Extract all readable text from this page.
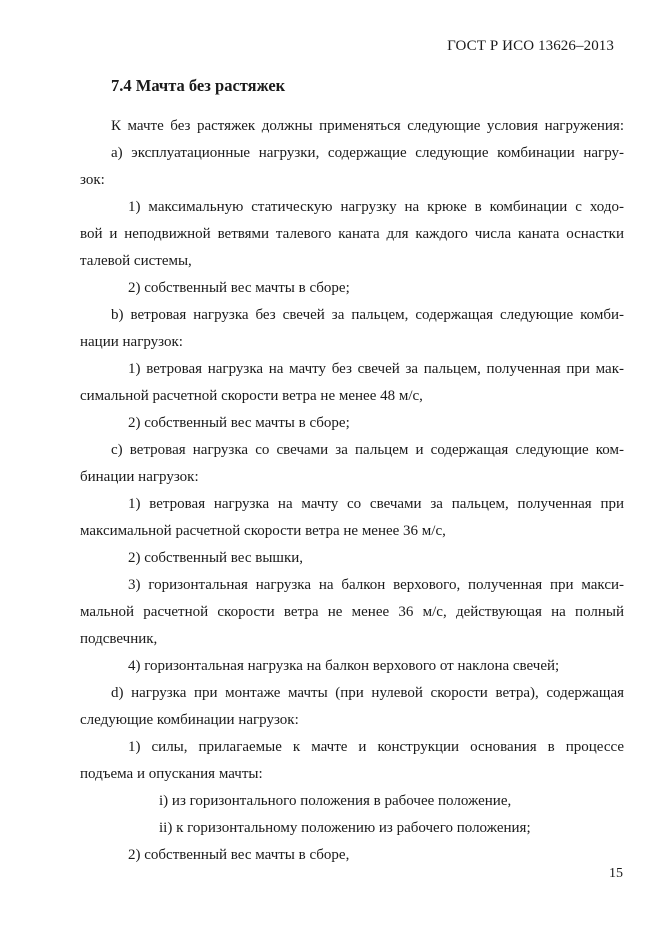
ГОСТ Р ИСО 13626–2013
7.4 Мачта без растяжек
К мачте без растяжек должны применяться следующие условия нагружения:
а) эксплуатационные нагрузки, содержащие следующие комбинации нагру-
зок:
1) максимальную статическую нагрузку на крюке в комбинации с ходо-
вой и неподвижной ветвями талевого каната для каждого числа каната оснастки
талевой системы,
2) собственный вес мачты в сборе;
b) ветровая нагрузка без свечей за пальцем, содержащая следующие комби-
нации нагрузок:
1) ветровая нагрузка на мачту без свечей за пальцем, полученная при мак-
симальной расчетной скорости ветра не менее 48 м/с,
2) собственный вес мачты в сборе;
с) ветровая нагрузка со свечами за пальцем и содержащая следующие ком-
бинации нагрузок:
1) ветровая нагрузка на мачту со свечами за пальцем, полученная при
максимальной расчетной скорости ветра не менее 36 м/с,
2) собственный вес вышки,
3) горизонтальная нагрузка на балкон верхового, полученная при макси-
мальной расчетной скорости ветра не менее 36 м/с, действующая на полный
подсвечник,
4) горизонтальная нагрузка на балкон верхового от наклона свечей;
d) нагрузка при монтаже мачты (при нулевой скорости ветра), содержащая
следующие комбинации нагрузок:
1) силы, прилагаемые к мачте и конструкции основания в процессе
подъема и опускания мачты:
i) из горизонтального положения в рабочее положение,
ii) к горизонтальному положению из рабочего положения;
2) собственный вес мачты в сборе,
15
